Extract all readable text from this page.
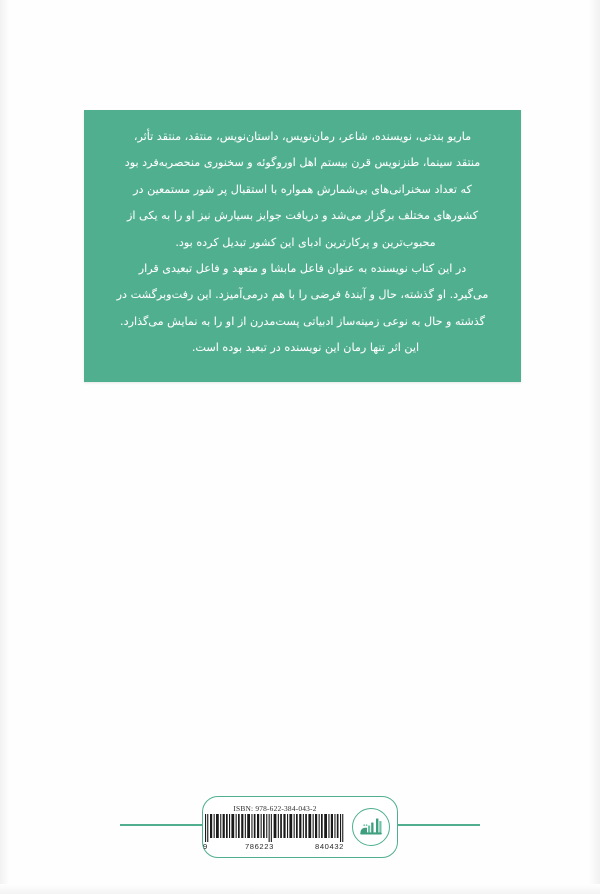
ماریو بندتی، نویسنده، شاعر، رمان‌نویس، داستان‌نویس، منتقد، منتقد تأثر،
منتقد سینما، طنزنویس قرن بیستم اهل اوروگوئه و سخنوری منحصربه‌فرد بود
که تعداد سخنرانی‌های بی‌شمارش همواره با استقبال پر شور مستمعین در
کشورهای مختلف برگزار می‌شد و دریافت جوایز بسیارش نیز او را به یکی از
محبوب‌ترین و پرکارترین ادبای این کشور تبدیل کرده بود.
در این کتاب نویسنده به عنوان فاعل مابشا و متعهد و فاعل تبعیدی قرار
می‌گیرد. او گذشته، حال و آیندهٔ فرضی را با هم درمی‌آمیزد. این رفت‌وبرگشت در
گذشته و حال به نوعی زمینه‌ساز ادبیاتی پست‌مدرن از او را به نمایش می‌گذارد.
این اثر تنها رمان این نویسنده در تبعید بوده است.
ISBN: 978-622-384-043-2
9	786223	840432
